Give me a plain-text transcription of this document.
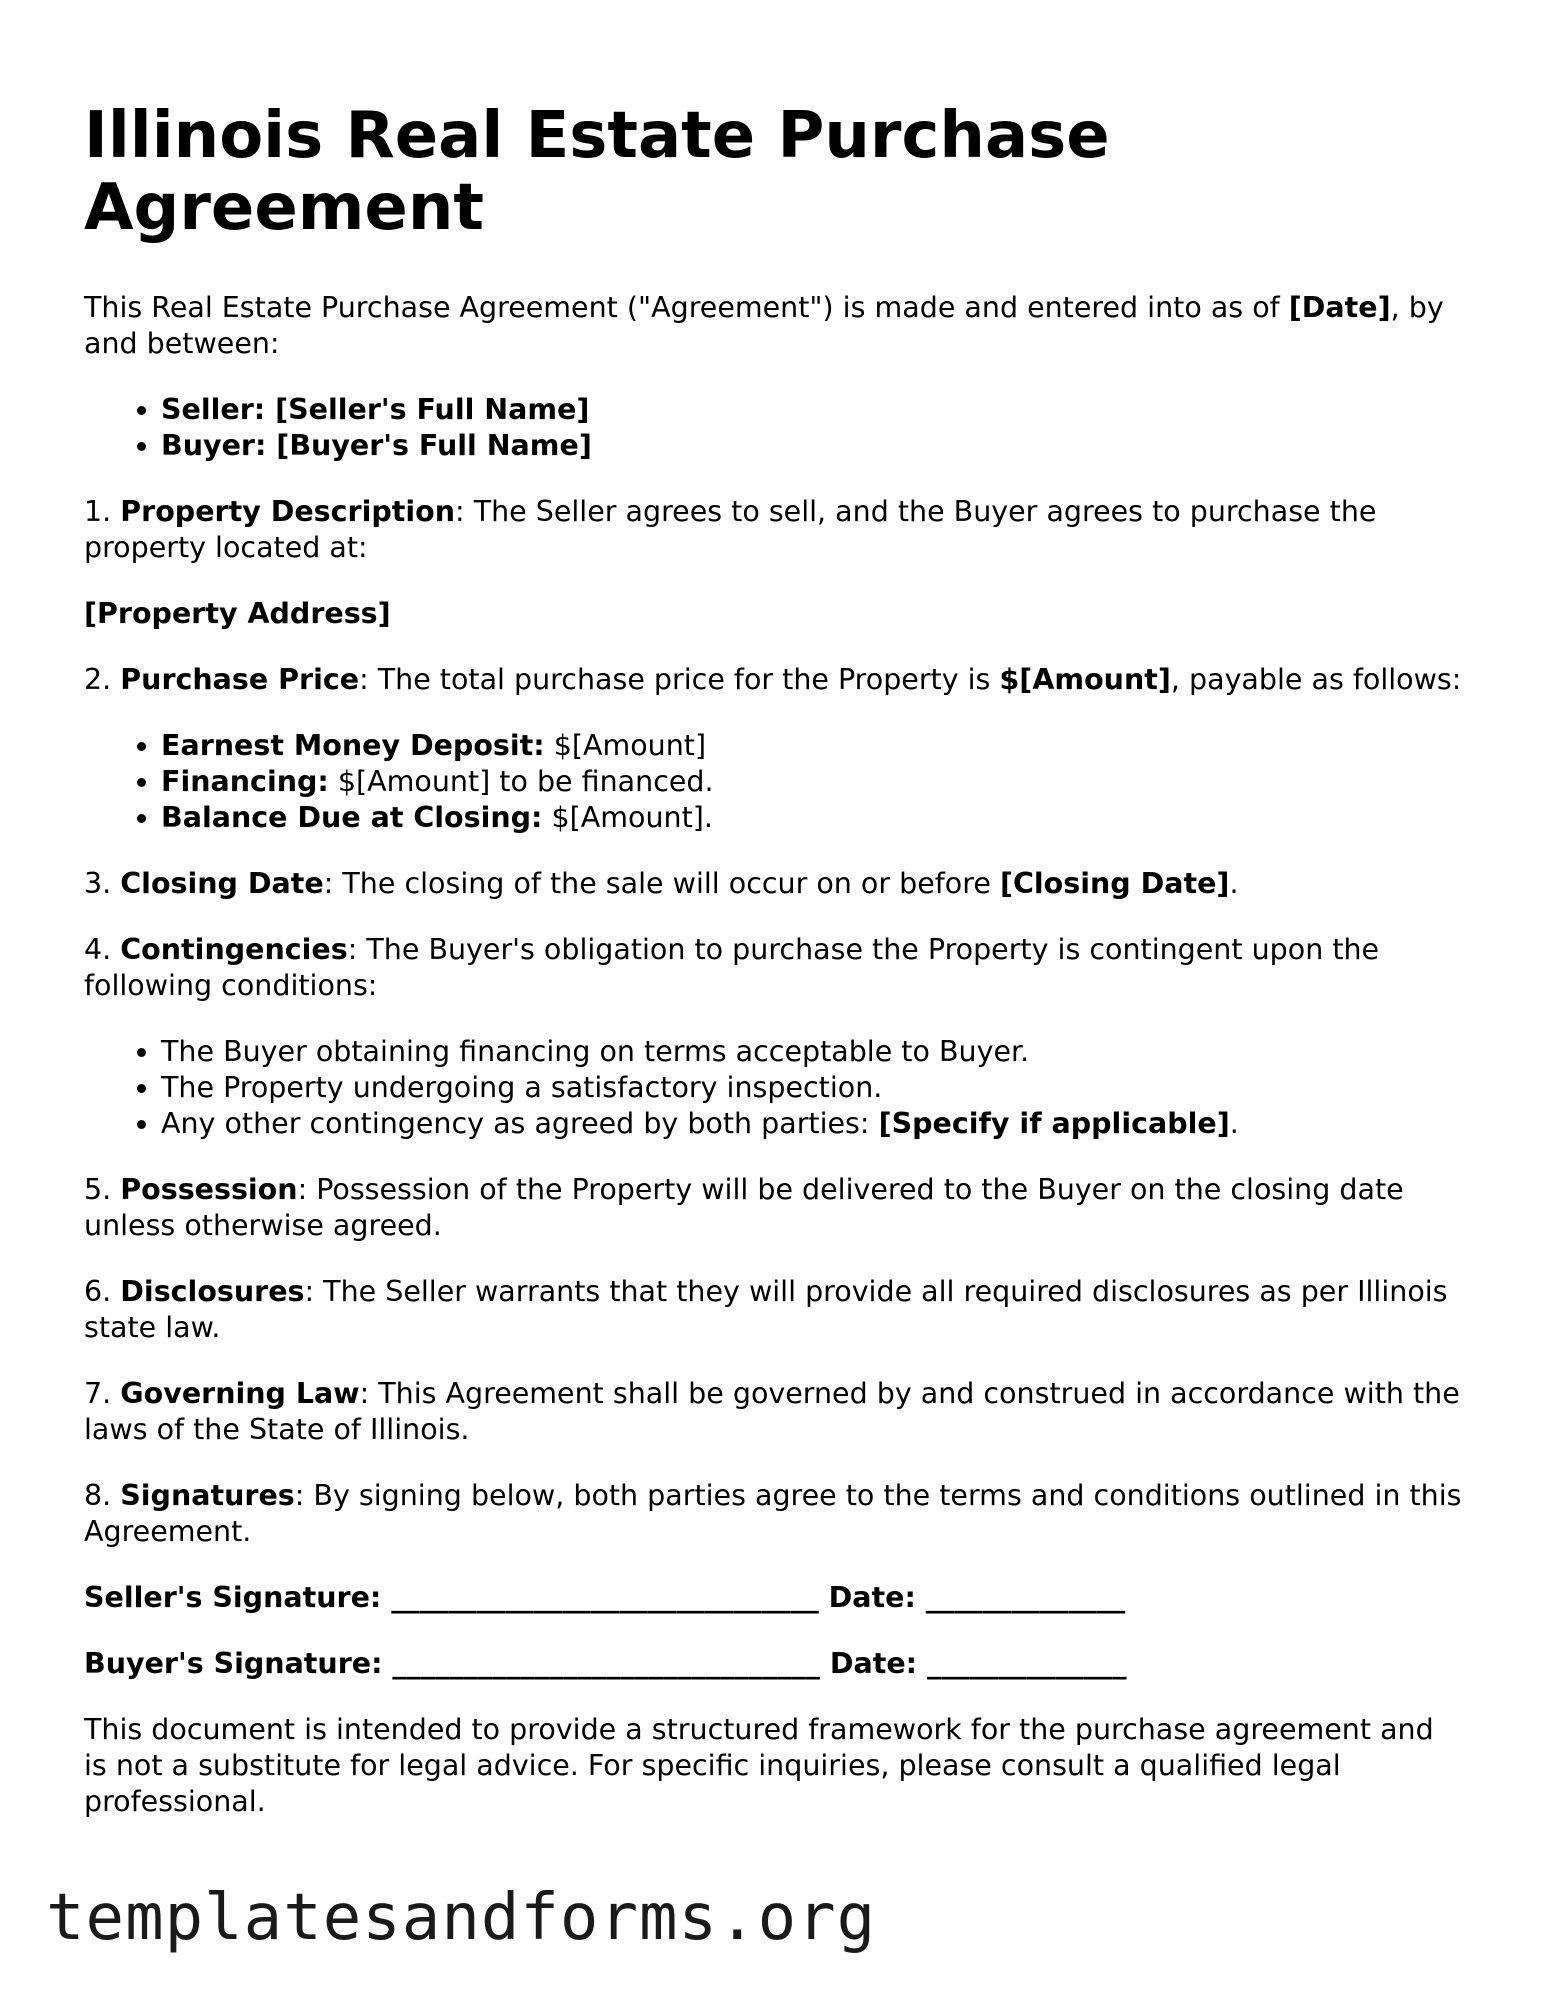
Illinois Real Estate Purchase Agreement

This Real Estate Purchase Agreement ("Agreement") is made and entered into as of [Date], by and between:

• Seller: [Seller's Full Name]
• Buyer: [Buyer's Full Name]

1. Property Description: The Seller agrees to sell, and the Buyer agrees to purchase the property located at:

[Property Address]

2. Purchase Price: The total purchase price for the Property is $[Amount], payable as follows:

• Earnest Money Deposit: $[Amount]
• Financing: $[Amount] to be financed.
• Balance Due at Closing: $[Amount].

3. Closing Date: The closing of the sale will occur on or before [Closing Date].

4. Contingencies: The Buyer's obligation to purchase the Property is contingent upon the following conditions:

• The Buyer obtaining financing on terms acceptable to Buyer.
• The Property undergoing a satisfactory inspection.
• Any other contingency as agreed by both parties: [Specify if applicable].

5. Possession: Possession of the Property will be delivered to the Buyer on the closing date unless otherwise agreed.

6. Disclosures: The Seller warrants that they will provide all required disclosures as per Illinois state law.

7. Governing Law: This Agreement shall be governed by and construed in accordance with the laws of the State of Illinois.

8. Signatures: By signing below, both parties agree to the terms and conditions outlined in this Agreement.

Seller's Signature: ______________________________ Date: ______________

Buyer's Signature: ______________________________ Date: ______________

This document is intended to provide a structured framework for the purchase agreement and is not a substitute for legal advice. For specific inquiries, please consult a qualified legal professional.

templatesandforms.org
